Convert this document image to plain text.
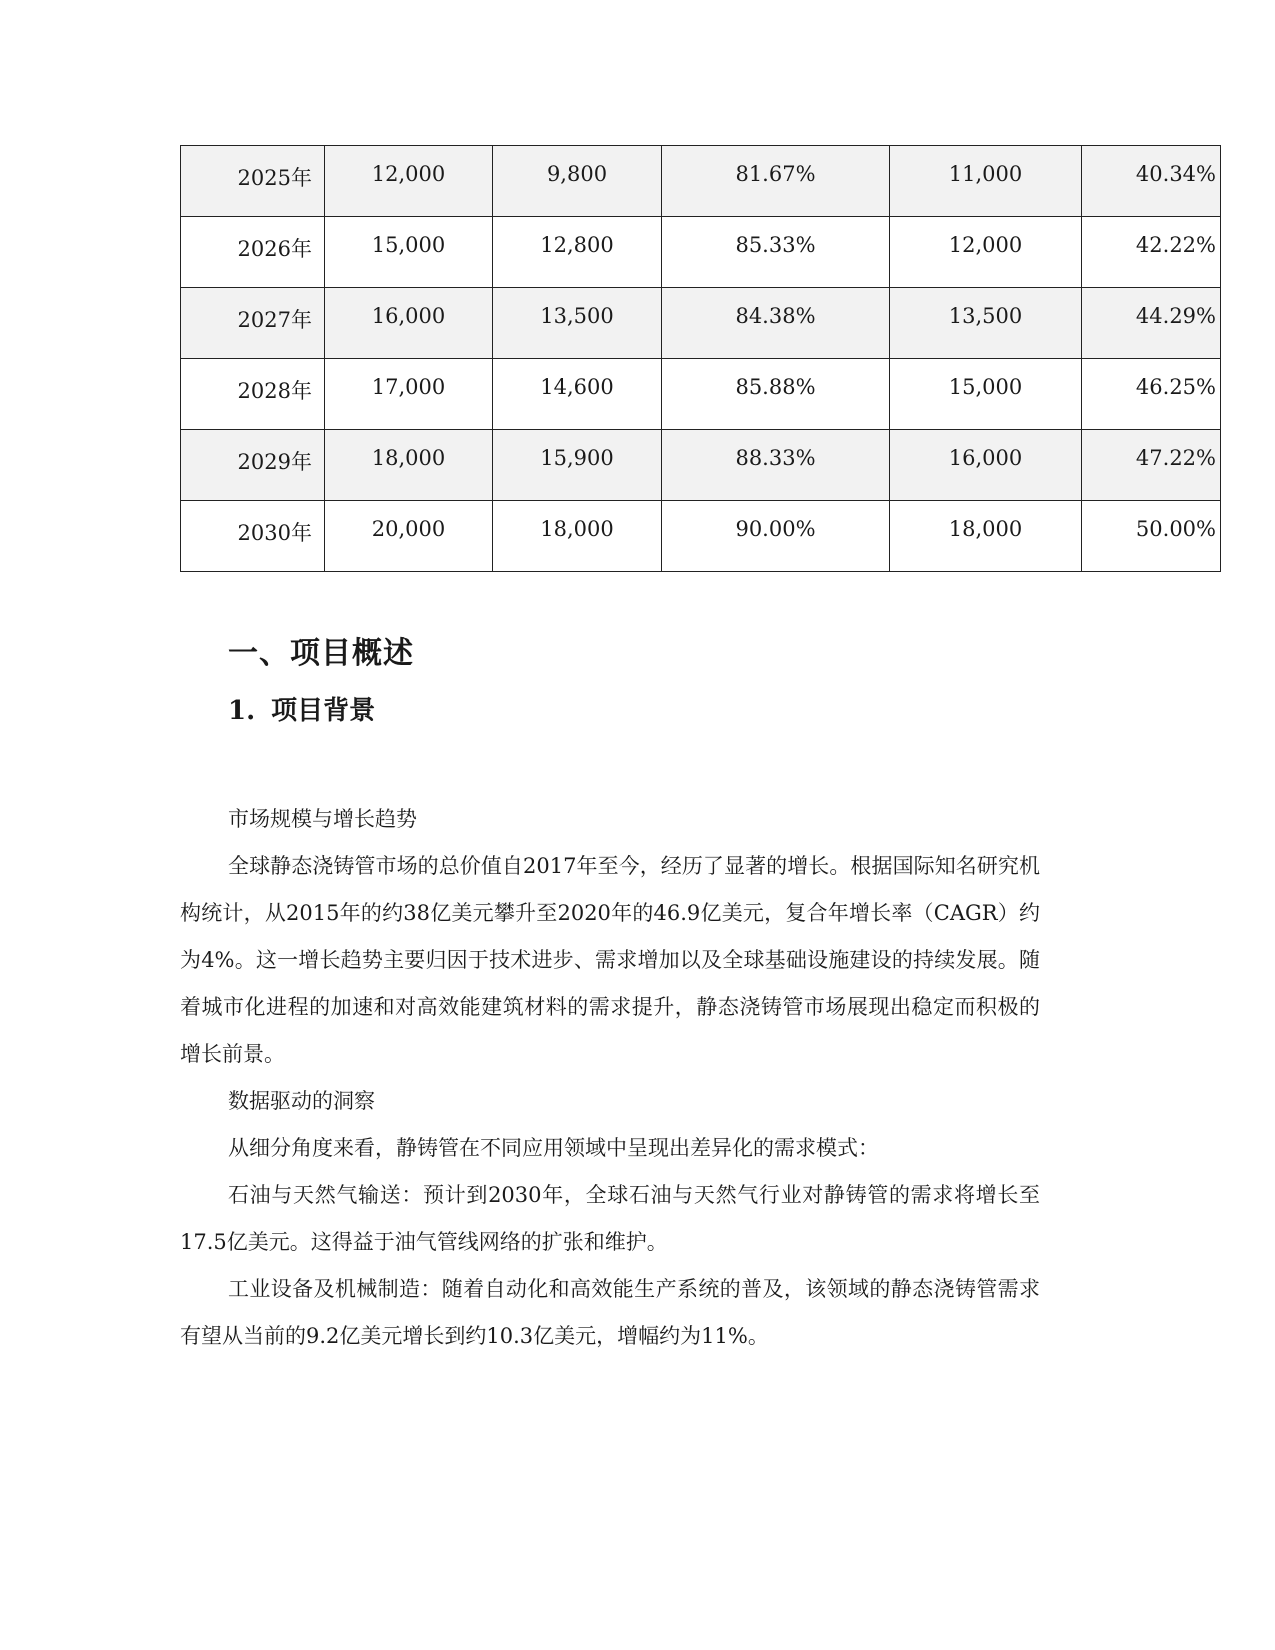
2025年	12,000	9,800	81.67%	11,000	40.34%
2026年	15,000	12,800	85.33%	12,000	42.22%
2027年	16,000	13,500	84.38%	13,500	44.29%
2028年	17,000	14,600	85.88%	15,000	46.25%
2029年	18,000	15,900	88.33%	16,000	47.22%
2030年	20,000	18,000	90.00%	18,000	50.00%
一、项目概述
1. 项目背景

市场规模与增长趋势

全球静态浇铸管市场的总价值自2017年至今，经历了显著的增长。根据国际知名研究机构统计，从2015年的约38亿美元攀升至2020年的46.9亿美元，复合年增长率（CAGR）约为4%。这一增长趋势主要归因于技术进步、需求增加以及全球基础设施建设的持续发展。随着城市化进程的加速和对高效能建筑材料的需求提升，静态浇铸管市场展现出稳定而积极的增长前景。

数据驱动的洞察

从细分角度来看，静铸管在不同应用领域中呈现出差异化的需求模式：

石油与天然气输送：预计到2030年，全球石油与天然气行业对静铸管的需求将增长至17.5亿美元。这得益于油气管线网络的扩张和维护。

工业设备及机械制造：随着自动化和高效能生产系统的普及，该领域的静态浇铸管需求有望从当前的9.2亿美元增长到约10.3亿美元，增幅约为11%。
